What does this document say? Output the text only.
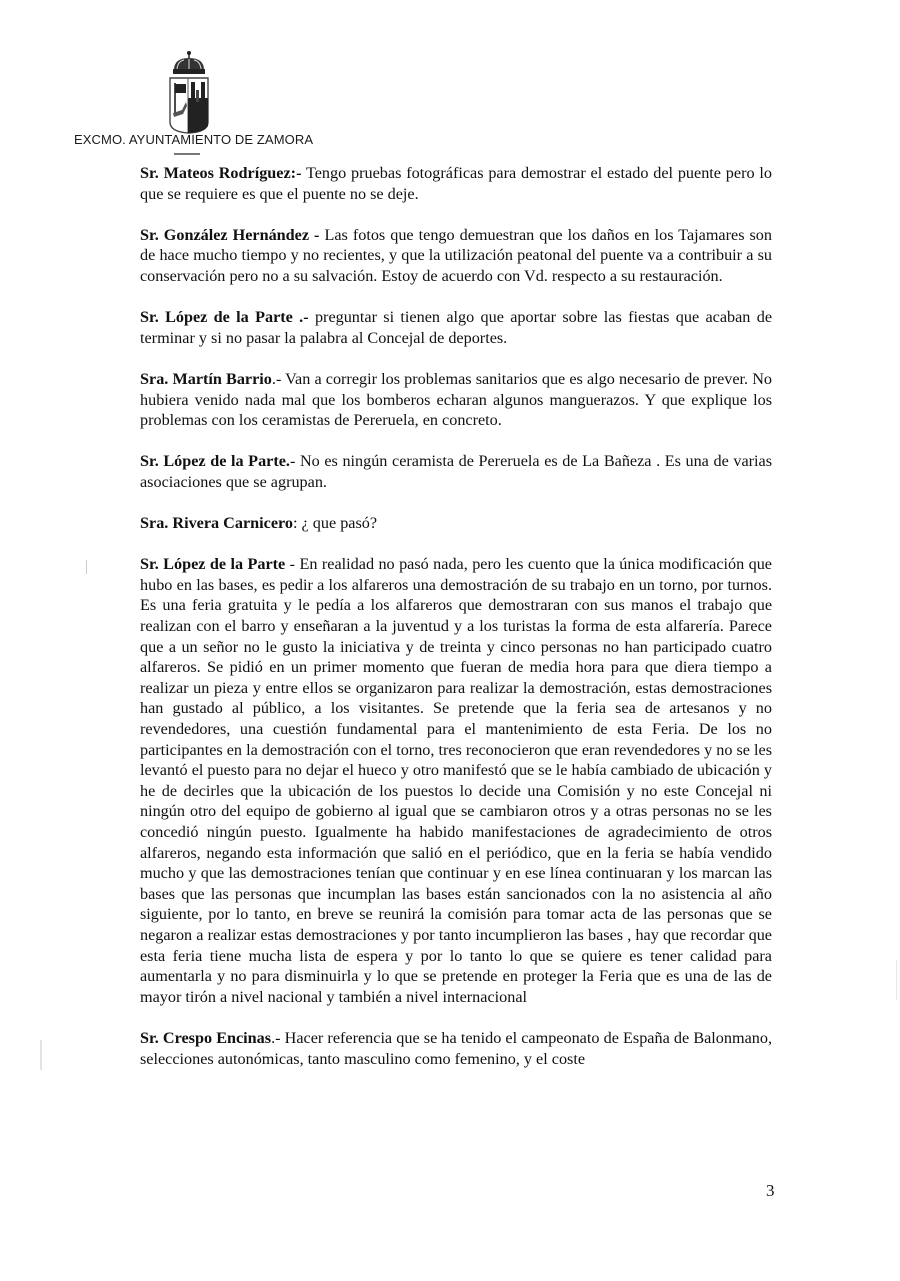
EXCMO. AYUNTAMIENTO DE ZAMORA

Sr. Mateos Rodríguez:- Tengo pruebas fotográficas para demostrar el estado del puente pero lo que se requiere es que el puente no se deje.

Sr. González Hernández - Las fotos que tengo demuestran que los daños en los Tajamares son de hace mucho tiempo y no recientes, y que la utilización peatonal del puente va a contribuir a su conservación pero no a su salvación. Estoy de acuerdo con Vd. respecto a su restauración.

Sr. López de la Parte .- preguntar si tienen algo que aportar sobre las fiestas que acaban de terminar y si no pasar la palabra al Concejal de deportes.

Sra. Martín Barrio.- Van a corregir los problemas sanitarios que es algo necesario de prever. No hubiera venido nada mal que los bomberos echaran algunos manguerazos. Y que explique los problemas con los ceramistas de Pereruela, en concreto.

Sr. López de la Parte.- No es ningún ceramista de Pereruela es de La Bañeza . Es una de varias asociaciones que se agrupan.

Sra. Rivera Carnicero: ¿ que pasó?

Sr. López de la Parte - En realidad no pasó nada, pero les cuento que la única modificación que hubo en las bases, es pedir a los alfareros una demostración de su trabajo en un torno, por turnos. Es una feria gratuita y le pedía a los alfareros que demostraran con sus manos el trabajo que realizan con el barro y enseñaran a la juventud y a los turistas la forma de esta alfarería. Parece que a un señor no le gusto la iniciativa y de treinta y cinco personas no han participado cuatro alfareros. Se pidió en un primer momento que fueran de media hora para que diera tiempo a realizar un pieza y entre ellos se organizaron para realizar la demostración, estas demostraciones han gustado al público, a los visitantes. Se pretende que la feria sea de artesanos y no revendedores, una cuestión fundamental para el mantenimiento de esta Feria. De los no participantes en la demostración con el torno, tres reconocieron que eran revendedores y no se les levantó el puesto para no dejar el hueco y otro manifestó que se le había cambiado de ubicación y he de decirles que la ubicación de los puestos lo decide una Comisión y no este Concejal ni ningún otro del equipo de gobierno al igual que se cambiaron otros y a otras personas no se les concedió ningún puesto. Igualmente ha habido manifestaciones de agradecimiento de otros alfareros, negando esta información que salió en el periódico, que en la feria se había vendido mucho y que las demostraciones tenían que continuar y en ese línea continuaran y los marcan las bases que las personas que incumplan las bases están sancionados con la no asistencia al año siguiente, por lo tanto, en breve se reunirá la comisión para tomar acta de las personas que se negaron a realizar estas demostraciones y por tanto incumplieron las bases , hay que recordar que esta feria tiene mucha lista de espera y por lo tanto lo que se quiere es tener calidad para aumentarla y no para disminuirla y lo que se pretende en proteger la Feria que es una de las de mayor tirón a nivel nacional y también a nivel internacional

Sr. Crespo Encinas.- Hacer referencia que se ha tenido el campeonato de España de Balonmano, selecciones autonómicas, tanto masculino como femenino, y el coste

3
